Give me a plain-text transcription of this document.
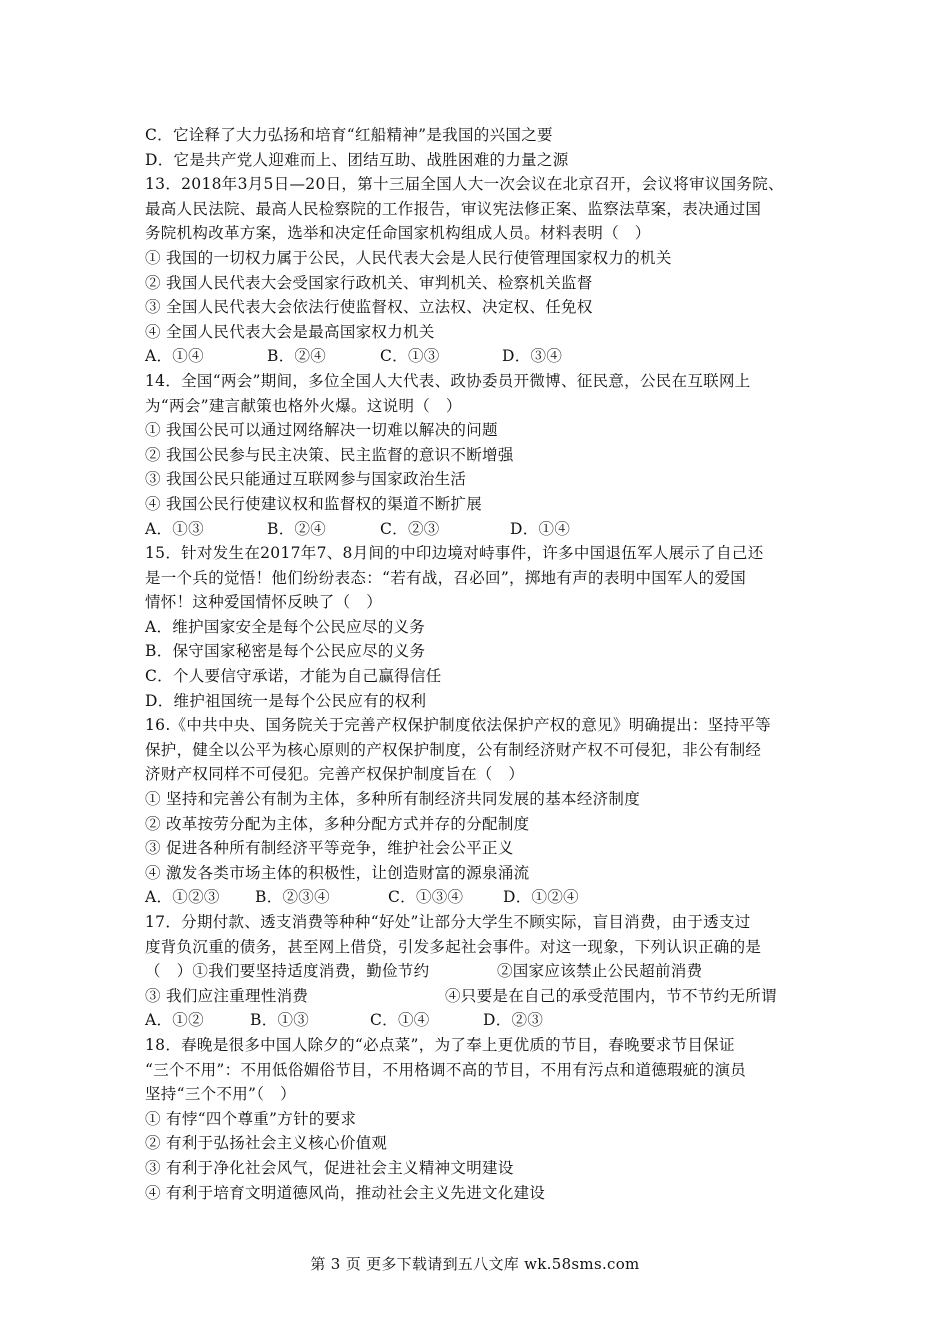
C．它诠释了大力弘扬和培育“红船精神”是我国的兴国之要
D．它是共产党人迎难而上、团结互助、战胜困难的力量之源
13．2018年3月5日—20日，第十三届全国人大一次会议在北京召开，会议将审议国务院、
最高人民法院、最高人民检察院的工作报告，审议宪法修正案、监察法草案，表决通过国
务院机构改革方案，选举和决定任命国家机构组成人员。材料表明（　）
① 我国的一切权力属于公民，人民代表大会是人民行使管理国家权力的机关
② 我国人民代表大会受国家行政机关、审判机关、检察机关监督
③ 全国人民代表大会依法行使监督权、立法权、决定权、任免权
④ 全国人民代表大会是最高国家权力机关
A．①④	B．②④	C．①③	D．③④
14．全国“两会”期间，多位全国人大代表、政协委员开微博、征民意，公民在互联网上
为“两会”建言献策也格外火爆。这说明（　）
① 我国公民可以通过网络解决一切难以解决的问题
② 我国公民参与民主决策、民主监督的意识不断增强
③ 我国公民只能通过互联网参与国家政治生活
④ 我国公民行使建议权和监督权的渠道不断扩展
A．①③	B．②④	C．②③	D．①④
15．针对发生在2017年7、8月间的中印边境对峙事件，许多中国退伍军人展示了自己还
是一个兵的觉悟！他们纷纷表态：“若有战，召必回”，掷地有声的表明中国军人的爱国
情怀！这种爱国情怀反映了（　）
A．维护国家安全是每个公民应尽的义务
B．保守国家秘密是每个公民应尽的义务
C．个人要信守承诺，才能为自己赢得信任
D．维护祖国统一是每个公民应有的权利
16.《中共中央、国务院关于完善产权保护制度依法保护产权的意见》明确提出：坚持平等
保护，健全以公平为核心原则的产权保护制度，公有制经济财产权不可侵犯，非公有制经
济财产权同样不可侵犯。完善产权保护制度旨在（　）
① 坚持和完善公有制为主体，多种所有制经济共同发展的基本经济制度
② 改革按劳分配为主体，多种分配方式并存的分配制度
③ 促进各种所有制经济平等竞争，维护社会公平正义
④ 激发各类市场主体的积极性，让创造财富的源泉涌流
A．①②③	B．②③④	C．①③④	D．①②④
17．分期付款、透支消费等种种“好处”让部分大学生不顾实际，盲目消费，由于透支过
度背负沉重的债务，甚至网上借贷，引发多起社会事件。对这一现象，下列认识正确的是
（　）①我们要坚持适度消费，勤俭节约	②国家应该禁止公民超前消费
③ 我们应注重理性消费	④只要是在自己的承受范围内，节不节约无所谓
A．①②	B．①③	C．①④	D．②③
18．春晚是很多中国人除夕的“必点菜”，为了奉上更优质的节目，春晚要求节目保证
“三个不用”：不用低俗媚俗节目，不用格调不高的节目，不用有污点和道德瑕疵的演员
坚持“三个不用”（　）
① 有悖“四个尊重”方针的要求
② 有利于弘扬社会主义核心价值观
③ 有利于净化社会风气，促进社会主义精神文明建设
④ 有利于培育文明道德风尚，推动社会主义先进文化建设
第 3 页 更多下载请到五八文库 wk.58sms.com
